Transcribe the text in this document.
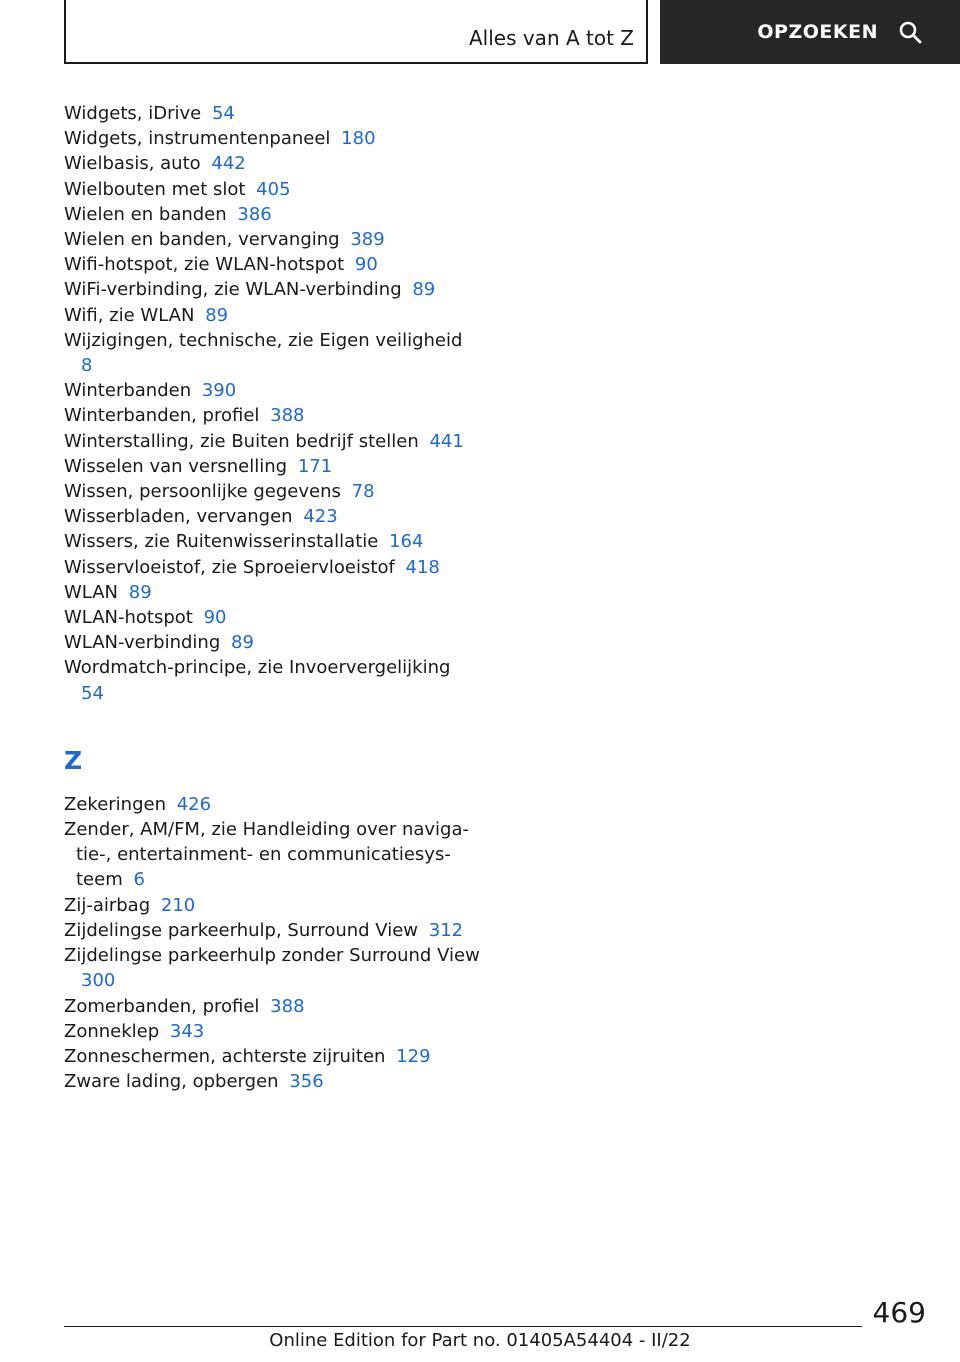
Alles van A tot Z	OPZOEKEN
Widgets, iDrive 54
Widgets, instrumentenpaneel 180
Wielbasis, auto 442
Wielbouten met slot 405
Wielen en banden 386
Wielen en banden, vervanging 389
Wifi-hotspot, zie WLAN-hotspot 90
WiFi-verbinding, zie WLAN-verbinding 89
Wifi, zie WLAN 89
Wijzigingen, technische, zie Eigen veiligheid 8
Winterbanden 390
Winterbanden, profiel 388
Winterstalling, zie Buiten bedrijf stellen 441
Wisselen van versnelling 171
Wissen, persoonlijke gegevens 78
Wisserbladen, vervangen 423
Wissers, zie Ruitenwisserinstallatie 164
Wisservloeistof, zie Sproeiervloeistof 418
WLAN 89
WLAN-hotspot 90
WLAN-verbinding 89
Wordmatch-principe, zie Invoervergelijking 54
Z
Zekeringen 426
Zender, AM/FM, zie Handleiding over navigatie-, entertainment- en communicatiesysteem 6
Zij-airbag 210
Zijdelingse parkeerhulp, Surround View 312
Zijdelingse parkeerhulp zonder Surround View 300
Zomerbanden, profiel 388
Zonneklep 343
Zonneschermen, achterste zijruiten 129
Zware lading, opbergen 356
469
Online Edition for Part no. 01405A54404 - II/22
